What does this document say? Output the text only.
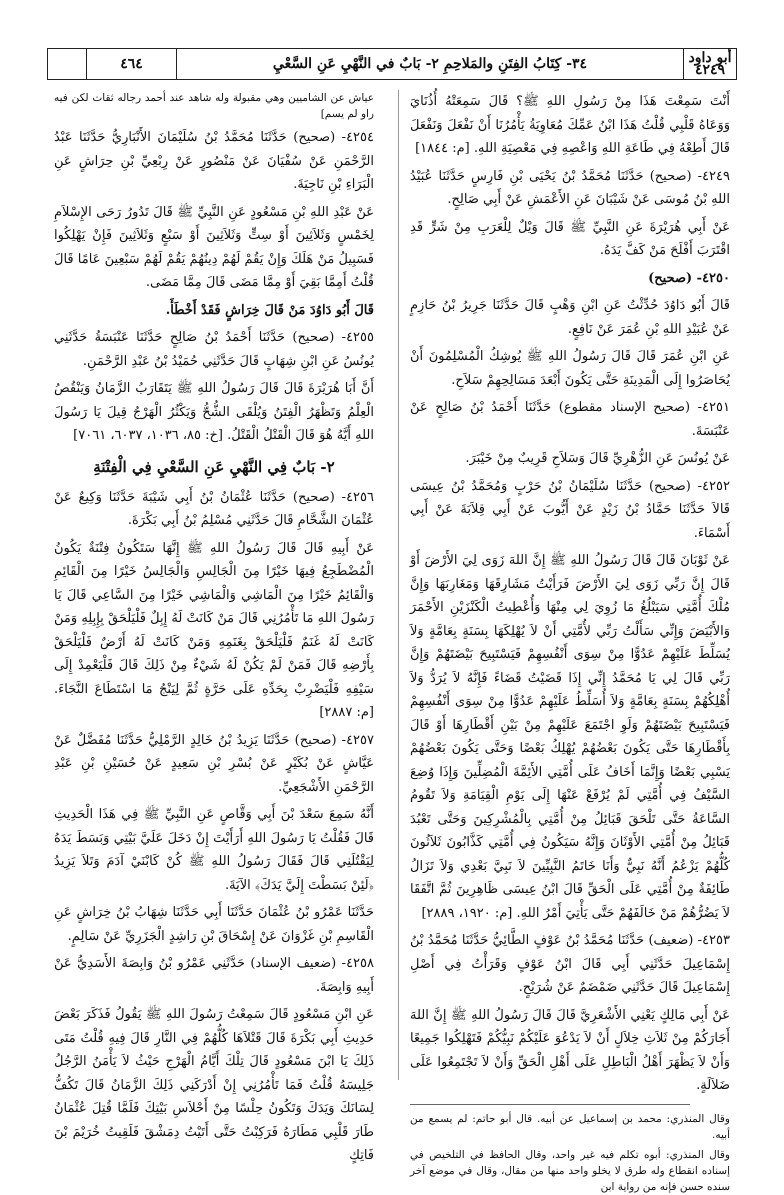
أبو داود
٤٢٤٩
٣٤- كِتَابُ الفِتَنِ والمَلاحِمِ ٢- بَابٌ في النَّهْيِ عَنِ السَّعْيِ
٤٦٤

أَنْتَ سَمِعْتَ هَذَا مِنْ رَسُولِ اللهِ ﷺ؟ قَالَ سَمِعَتْهُ أُذُنَايَ وَوَعَاهُ قَلْبِي قُلْتُ هَذَا ابْنُ عَمِّكَ مُعَاوِيَةُ يَأْمُرُنَا أَنْ نَفْعَلَ وَنَفْعَلَ قَالَ أَطِعْهُ فِي طَاعَةِ اللهِ وَاعْصِهِ فِي مَعْصِيَةِ اللهِ. [م: ١٨٤٤]

٤٢٤٩- (صحيح) حَدَّثَنَا مُحَمَّدُ بْنُ يَحْيَى بْنِ فَارِسٍ حَدَّثَنَا عُبَيْدُ اللهِ بْنُ مُوسَى عَنْ شَيْبَانَ عَنِ الأَعْمَشِ عَنْ أَبِي صَالِحٍ.

عَنْ أَبِي هُرَيْرَةَ عَنِ النَّبِيِّ ﷺ قَالَ وَيْلٌ لِلْعَرَبِ مِنْ شَرٍّ قَدِ اقْتَرَبَ أَفْلَحَ مَنْ كَفَّ يَدَهُ.

٤٢٥٠- (صحيح)

قَالَ أَبُو دَاوُدَ حُدِّثْتُ عَنِ ابْنِ وَهْبٍ قَالَ حَدَّثَنَا جَرِيرُ بْنُ حَازِمٍ عَنْ عُبَيْدِ اللهِ بْنِ عُمَرَ عَنْ نَافِعٍ.

عَنِ ابْنِ عُمَرَ قَالَ قَالَ رَسُولُ اللهِ ﷺ يُوشِكُ الْمُسْلِمُونَ أَنْ يُحَاصَرُوا إِلَى الْمَدِينَةِ حَتَّى يَكُونَ أَبْعَدَ مَسَالِحِهِمْ سَلاَحِ.

٤٢٥١- (صحيح الإسناد مقطوع) حَدَّثَنَا أَحْمَدُ بْنُ صَالِحٍ عَنْ عَنْبَسَةَ.

عَنْ يُونُسَ عَنِ الزُّهْرِيِّ قَالَ وَسَلاَحِ قَرِيبٌ مِنْ خَيْبَرَ.

٤٢٥٢- (صحيح) حَدَّثَنَا سُلَيْمَانُ بْنُ حَرْبٍ وَمُحَمَّدُ بْنُ عِيسَى قَالاَ حَدَّثَنَا حَمَّادُ بْنُ زَيْدٍ عَنْ أَيُّوبَ عَنْ أَبِي قِلاَبَةَ عَنْ أَبِي أَسْمَاءَ.

عَنْ ثَوْبَانَ قَالَ قَالَ رَسُولُ اللهِ ﷺ إِنَّ اللهَ زَوَى لِيَ الأَرْضَ أَوْ قَالَ إِنَّ رَبِّي زَوَى لِيَ الأَرْضَ فَرَأَيْتُ مَشَارِقَهَا وَمَغَارِبَهَا وَإِنَّ مُلْكَ أُمَّتِي سَيَبْلُغُ مَا زُوِيَ لِي مِنْهَا وَأُعْطِيتُ الْكَنْزَيْنِ الأَحْمَرَ وَالأَبْيَضَ وَإِنِّي سَأَلْتُ رَبِّي لأُمَّتِي أَنْ لاَ يُهْلِكَهَا بِسَنَةٍ بِعَامَّةٍ وَلاَ يُسَلِّطَ عَلَيْهِمْ عَدُوًّا مِنْ سِوَى أَنْفُسِهِمْ فَيَسْتَبِيحَ بَيْضَتَهُمْ وَإِنَّ رَبِّي قَالَ لِي يَا مُحَمَّدُ إِنِّي إِذَا قَضَيْتُ قَضَاءً فَإِنَّهُ لاَ يُرَدُّ وَلاَ أُهْلِكُهُمْ بِسَنَةٍ بِعَامَّةٍ وَلاَ أُسَلِّطُ عَلَيْهِمْ عَدُوًّا مِنْ سِوَى أَنْفُسِهِمْ فَيَسْتَبِيحَ بَيْضَتَهُمْ وَلَوِ اجْتَمَعَ عَلَيْهِمْ مِنْ بَيْنِ أَقْطَارِهَا أَوْ قَالَ بِأَقْطَارِهَا حَتَّى يَكُونَ بَعْضُهُمْ يُهْلِكُ بَعْضًا وَحَتَّى يَكُونَ بَعْضُهُمْ يَسْبِي بَعْضًا وَإِنَّمَا أَخَافُ عَلَى أُمَّتِي الأَئِمَّةَ الْمُضِلِّينَ وَإِذَا وُضِعَ السَّيْفُ فِي أُمَّتِي لَمْ يُرْفَعْ عَنْهَا إِلَى يَوْمِ الْقِيَامَةِ وَلاَ تَقُومُ السَّاعَةُ حَتَّى تَلْحَقَ قَبَائِلُ مِنْ أُمَّتِي بِالْمُشْرِكِينَ وَحَتَّى تَعْبُدَ قَبَائِلُ مِنْ أُمَّتِي الأَوْثَانَ وَإِنَّهُ سَيَكُونُ فِي أُمَّتِي كَذَّابُونَ ثَلاَثُونَ كُلُّهُمْ يَزْعُمُ أَنَّهُ نَبِيٌّ وَأَنَا خَاتَمُ النَّبِيِّينَ لاَ نَبِيَّ بَعْدِي وَلاَ تَزَالُ طَائِفَةٌ مِنْ أُمَّتِي عَلَى الْحَقِّ قَالَ ابْنُ عِيسَى ظَاهِرِينَ ثُمَّ اتَّفَقَا لاَ يَضُرُّهُمْ مَنْ خَالَفَهُمْ حَتَّى يَأْتِيَ أَمْرُ اللهِ. [م: ١٩٢٠، ٢٨٨٩]

٤٢٥٣- (ضعيف) حَدَّثَنَا مُحَمَّدُ بْنُ عَوْفٍ الطَّائِيُّ حَدَّثَنَا مُحَمَّدُ بْنُ إِسْمَاعِيلَ حَدَّثَنِي أَبِي قَالَ ابْنُ عَوْفٍ وَقَرَأْتُ فِي أَصْلِ إِسْمَاعِيلَ قَالَ حَدَّثَنِي ضَمْضَمٌ عَنْ شُرَيْحٍ.

عَنْ أَبِي مَالِكٍ يَعْنِي الأَشْعَرِيَّ قَالَ قَالَ رَسُولُ اللهِ ﷺ إِنَّ اللهَ أَجَارَكُمْ مِنْ ثَلاَثِ خِلاَلٍ أَنْ لاَ يَدْعُوَ عَلَيْكُمْ نَبِيُّكُمْ فَتَهْلِكُوا جَمِيعًا وَأَنْ لاَ يَظْهَرَ أَهْلُ الْبَاطِلِ عَلَى أَهْلِ الْحَقِّ وَأَنْ لاَ تَجْتَمِعُوا عَلَى ضَلاَلَةٍ.

وقال المنذري: محمد بن إسماعيل عن أبيه. قال أبو حاتم: لم يسمع من أبيه.

وقال المنذري: أبوه تكلم فيه غير واحد، وقال الحافظ في التلخيص في إسناده انقطاع وله طرق لا يخلو واحد منها من مقال، وقال في موضع آخر سنده حسن فإنه من رواية ابن

عياش عن الشاميين وهي مقبولة وله شاهد عند أحمد رجاله ثقات لكن فيه راو لم يسم]

٤٢٥٤- (صحيح) حَدَّثَنَا مُحَمَّدُ بْنُ سُلَيْمَانَ الأَنْبَارِيُّ حَدَّثَنَا عَبْدُ الرَّحْمَنِ عَنْ سُفْيَانَ عَنْ مَنْصُورٍ عَنْ رِبْعِيِّ بْنِ حِرَاشٍ عَنِ الْبَرَاءِ بْنِ نَاجِيَةَ.

عَنْ عَبْدِ اللهِ بْنِ مَسْعُودٍ عَنِ النَّبِيِّ ﷺ قَالَ تَدُورُ رَحَى الإِسْلاَمِ لِخَمْسٍ وَثَلاَثِينَ أَوْ سِتٍّ وَثَلاَثِينَ أَوْ سَبْعٍ وَثَلاَثِينَ فَإِنْ يَهْلِكُوا فَسَبِيلُ مَنْ هَلَكَ وَإِنْ يَقُمْ لَهُمْ دِينُهُمْ يَقُمْ لَهُمْ سَبْعِينَ عَامًا قَالَ قُلْتُ أَمِمَّا بَقِيَ أَوْ مِمَّا مَضَى قَالَ مِمَّا مَضَى.

قَالَ أَبُو دَاوُدَ مَنْ قَالَ خِرَاشٍ فَقَدْ أَخْطَأَ.

٤٢٥٥- (صحيح) حَدَّثَنَا أَحْمَدُ بْنُ صَالِحٍ حَدَّثَنَا عَنْبَسَةُ حَدَّثَنِي يُونُسُ عَنِ ابْنِ شِهَابٍ قَالَ حَدَّثَنِي حُمَيْدُ بْنُ عَبْدِ الرَّحْمَنِ.

أَنَّ أَبَا هُرَيْرَةَ قَالَ قَالَ رَسُولُ اللهِ ﷺ يَتَقَارَبُ الزَّمَانُ وَيَنْقُصُ الْعِلْمُ وَتَظْهَرُ الْفِتَنُ وَيُلْقَى الشُّحُّ وَيَكْثُرُ الْهَرْجُ قِيلَ يَا رَسُولَ اللهِ أَيَّهُ هُوَ قَالَ الْقَتْلُ الْقَتْلُ. [خ: ٨٥، ١٠٣٦، ٦٠٣٧، ٧٠٦١]

٢- بَابٌ فِي النَّهْيِ عَنِ السَّعْيِ فِي الْفِتْنَةِ

٤٢٥٦- (صحيح) حَدَّثَنَا عُثْمَانُ بْنُ أَبِي شَيْبَةَ حَدَّثَنَا وَكِيعٌ عَنْ عُثْمَانَ الشَّحَّامِ قَالَ حَدَّثَنِي مُسْلِمُ بْنُ أَبِي بَكْرَةَ.

عَنْ أَبِيهِ قَالَ قَالَ رَسُولُ اللهِ ﷺ إِنَّهَا سَتَكُونُ فِتْنَةٌ يَكُونُ الْمُضْطَجِعُ فِيهَا خَيْرًا مِنَ الْجَالِسِ وَالْجَالِسُ خَيْرًا مِنَ الْقَائِمِ وَالْقَائِمُ خَيْرًا مِنَ الْمَاشِي وَالْمَاشِي خَيْرًا مِنَ السَّاعِي قَالَ يَا رَسُولَ اللهِ مَا تَأْمُرُنِي قَالَ مَنْ كَانَتْ لَهُ إِبِلٌ فَلْيَلْحَقْ بِإِبِلِهِ وَمَنْ كَانَتْ لَهُ غَنَمٌ فَلْيَلْحَقْ بِغَنَمِهِ وَمَنْ كَانَتْ لَهُ أَرْضٌ فَلْيَلْحَقْ بِأَرْضِهِ قَالَ فَمَنْ لَمْ يَكُنْ لَهُ شَيْءٌ مِنْ ذَلِكَ قَالَ فَلْيَعْمِدْ إِلَى سَيْفِهِ فَلْيَضْرِبْ بِحَدِّهِ عَلَى حَرَّةٍ ثُمَّ لِيَنْجُ مَا اسْتَطَاعَ النَّجَاءَ. [م: ٢٨٨٧]

٤٢٥٧- (صحيح) حَدَّثَنَا يَزِيدُ بْنُ خَالِدٍ الرَّمْلِيُّ حَدَّثَنَا مُفَضَّلٌ عَنْ عَيَّاشٍ عَنْ بُكَيْرٍ عَنْ بُسْرِ بْنِ سَعِيدٍ عَنْ حُسَيْنِ بْنِ عَبْدِ الرَّحْمَنِ الأَشْجَعِيِّ.

أَنَّهُ سَمِعَ سَعْدَ بْنَ أَبِي وَقَّاصٍ عَنِ النَّبِيِّ ﷺ فِي هَذَا الْحَدِيثِ قَالَ فَقُلْتُ يَا رَسُولَ اللهِ أَرَأَيْتَ إِنْ دَخَلَ عَلَيَّ بَيْتِي وَبَسَطَ يَدَهُ لِيَقْتُلَنِي قَالَ فَقَالَ رَسُولُ اللهِ ﷺ كُنْ كَابْنَيْ آدَمَ وَتَلاَ يَزِيدُ ﴿لَئِنْ بَسَطْتَ إِلَيَّ يَدَكَ﴾ الآيَةَ.

حَدَّثَنَا عَمْرُو بْنُ عُثْمَانَ حَدَّثَنَا أَبِي حَدَّثَنَا شِهَابُ بْنُ خِرَاشٍ عَنِ الْقَاسِمِ بْنِ غَزْوَانَ عَنْ إِسْحَاقَ بْنِ رَاشِدٍ الْجَزَرِيِّ عَنْ سَالِمٍ.

٤٢٥٨- (ضعيف الإسناد) حَدَّثَنِي عَمْرُو بْنُ وَابِصَةَ الأَسَدِيُّ عَنْ أَبِيهِ وَابِصَةَ.

عَنِ ابْنِ مَسْعُودٍ قَالَ سَمِعْتُ رَسُولَ اللهِ ﷺ يَقُولُ فَذَكَرَ بَعْضَ حَدِيثِ أَبِي بَكْرَةَ قَالَ قَتْلاَهَا كُلُّهُمْ فِي النَّارِ قَالَ فِيهِ قُلْتُ مَتَى ذَلِكَ يَا ابْنَ مَسْعُودٍ قَالَ تِلْكَ أَيَّامُ الْهَرْجِ حَيْثُ لاَ يَأْمَنُ الرَّجُلُ جَلِيسَهُ قُلْتُ فَمَا تَأْمُرُنِي إِنْ أَدْرَكَنِي ذَلِكَ الزَّمَانُ قَالَ تَكُفُّ لِسَانَكَ وَيَدَكَ وَتَكُونُ حِلْسًا مِنْ أَحْلاَسِ بَيْتِكَ فَلَمَّا قُتِلَ عُثْمَانُ طَارَ قَلْبِي مَطَارَهُ فَرَكِبْتُ حَتَّى أَتَيْتُ دِمَشْقَ فَلَقِيتُ خُرَيْمَ بْنَ فَاتِكٍ
